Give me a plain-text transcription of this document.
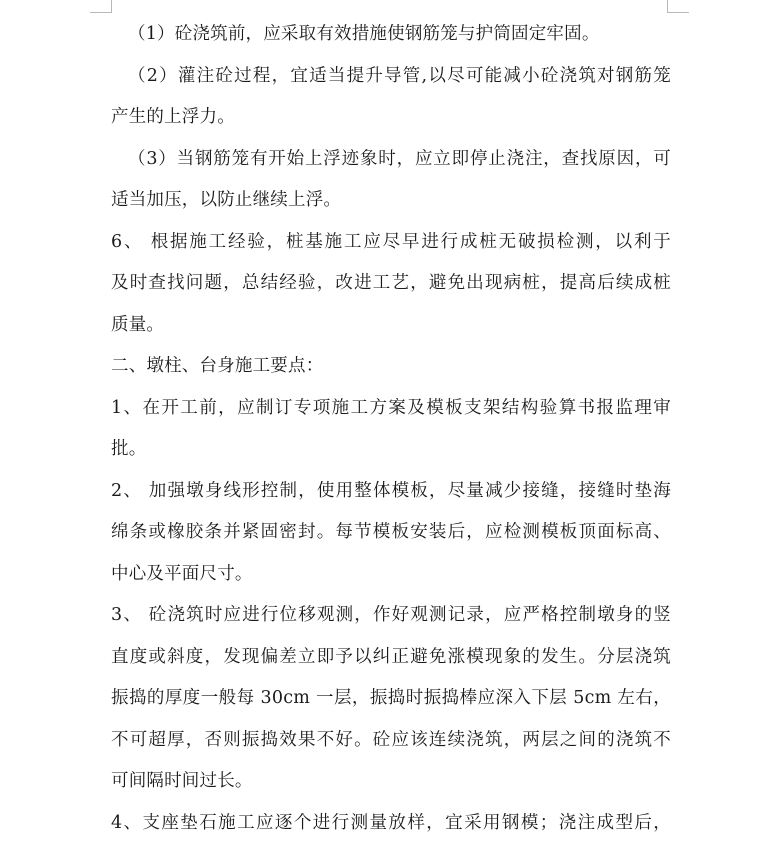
（1）砼浇筑前，应采取有效措施使钢筋笼与护筒固定牢固。
（2）灌注砼过程，宜适当提升导管,以尽可能减小砼浇筑对钢筋笼
产生的上浮力。
（3）当钢筋笼有开始上浮迹象时，应立即停止浇注，查找原因，可
适当加压，以防止继续上浮。
6、 根据施工经验，桩基施工应尽早进行成桩无破损检测，以利于
及时查找问题，总结经验，改进工艺，避免出现病桩，提高后续成桩
质量。
二、墩柱、台身施工要点：
1、在开工前，应制订专项施工方案及模板支架结构验算书报监理审
批。
2、 加强墩身线形控制，使用整体模板，尽量减少接缝，接缝时垫海
绵条或橡胶条并紧固密封。每节模板安装后，应检测模板顶面标高、
中心及平面尺寸。
3、 砼浇筑时应进行位移观测，作好观测记录，应严格控制墩身的竖
直度或斜度，发现偏差立即予以纠正避免涨模现象的发生。分层浇筑
振捣的厚度一般每 30cm 一层，振捣时振捣棒应深入下层 5cm 左右，
不可超厚，否则振捣效果不好。砼应该连续浇筑，两层之间的浇筑不
可间隔时间过长。
4、支座垫石施工应逐个进行测量放样，宜采用钢模；浇注成型后，
